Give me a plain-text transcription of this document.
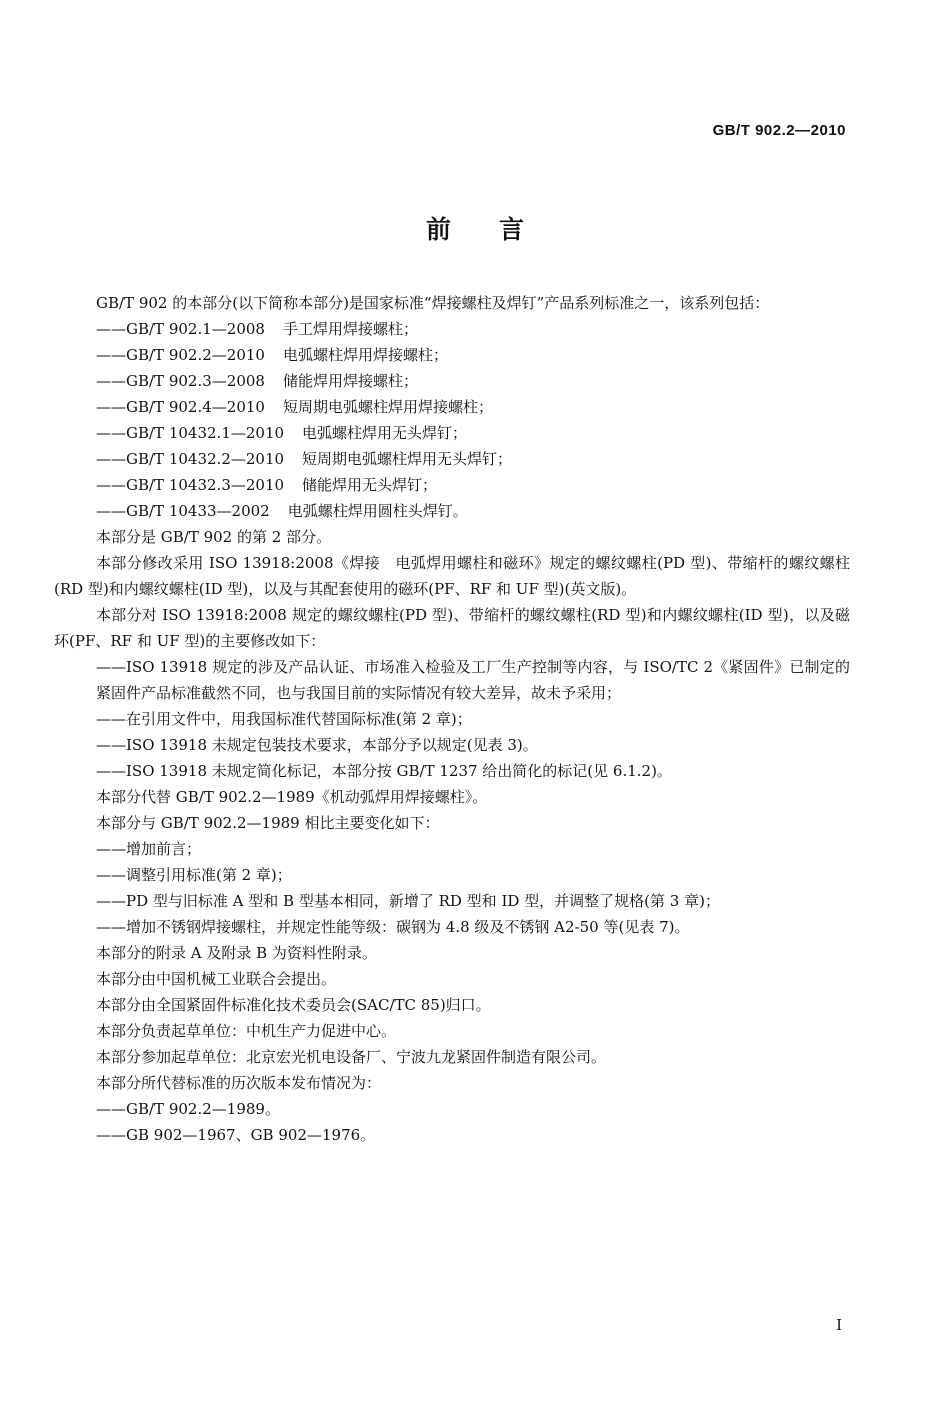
GB/T 902.2—2010
前言

GB/T 902 的本部分(以下简称本部分)是国家标准“焊接螺柱及焊钉”产品系列标准之一，该系列包括：

——GB/T 902.1—2008 手工焊用焊接螺柱；
——GB/T 902.2—2010 电弧螺柱焊用焊接螺柱；
——GB/T 902.3—2008 储能焊用焊接螺柱；
——GB/T 902.4—2010 短周期电弧螺柱焊用焊接螺柱；
——GB/T 10432.1—2010 电弧螺柱焊用无头焊钉；
——GB/T 10432.2—2010 短周期电弧螺柱焊用无头焊钉；
——GB/T 10432.3—2010 储能焊用无头焊钉；
——GB/T 10433—2002 电弧螺柱焊用圆柱头焊钉。

本部分是 GB/T 902 的第 2 部分。

本部分修改采用 ISO 13918:2008《焊接　电弧焊用螺柱和磁环》规定的螺纹螺柱(PD 型)、带缩杆的螺纹螺柱(RD 型)和内螺纹螺柱(ID 型)，以及与其配套使用的磁环(PF、RF 和 UF 型)(英文版)。

本部分对 ISO 13918:2008 规定的螺纹螺柱(PD 型)、带缩杆的螺纹螺柱(RD 型)和内螺纹螺柱(ID 型)，以及磁环(PF、RF 和 UF 型)的主要修改如下：

——ISO 13918 规定的涉及产品认证、市场准入检验及工厂生产控制等内容，与 ISO/TC 2《紧固件》已制定的紧固件产品标准截然不同，也与我国目前的实际情况有较大差异，故未予采用；
——在引用文件中，用我国标准代替国际标准(第 2 章)；
——ISO 13918 未规定包装技术要求，本部分予以规定(见表 3)。
——ISO 13918 未规定简化标记，本部分按 GB/T 1237 给出简化的标记(见 6.1.2)。

本部分代替 GB/T 902.2—1989《机动弧焊用焊接螺柱》。

本部分与 GB/T 902.2—1989 相比主要变化如下：

——增加前言；
——调整引用标准(第 2 章)；
——PD 型与旧标准 A 型和 B 型基本相同，新增了 RD 型和 ID 型，并调整了规格(第 3 章)；
——增加不锈钢焊接螺柱，并规定性能等级：碳钢为 4.8 级及不锈钢 A2-50 等(见表 7)。

本部分的附录 A 及附录 B 为资料性附录。

本部分由中国机械工业联合会提出。

本部分由全国紧固件标准化技术委员会(SAC/TC 85)归口。

本部分负责起草单位：中机生产力促进中心。

本部分参加起草单位：北京宏光机电设备厂、宁波九龙紧固件制造有限公司。

本部分所代替标准的历次版本发布情况为：

——GB/T 902.2—1989。
——GB 902—1967、GB 902—1976。
I
